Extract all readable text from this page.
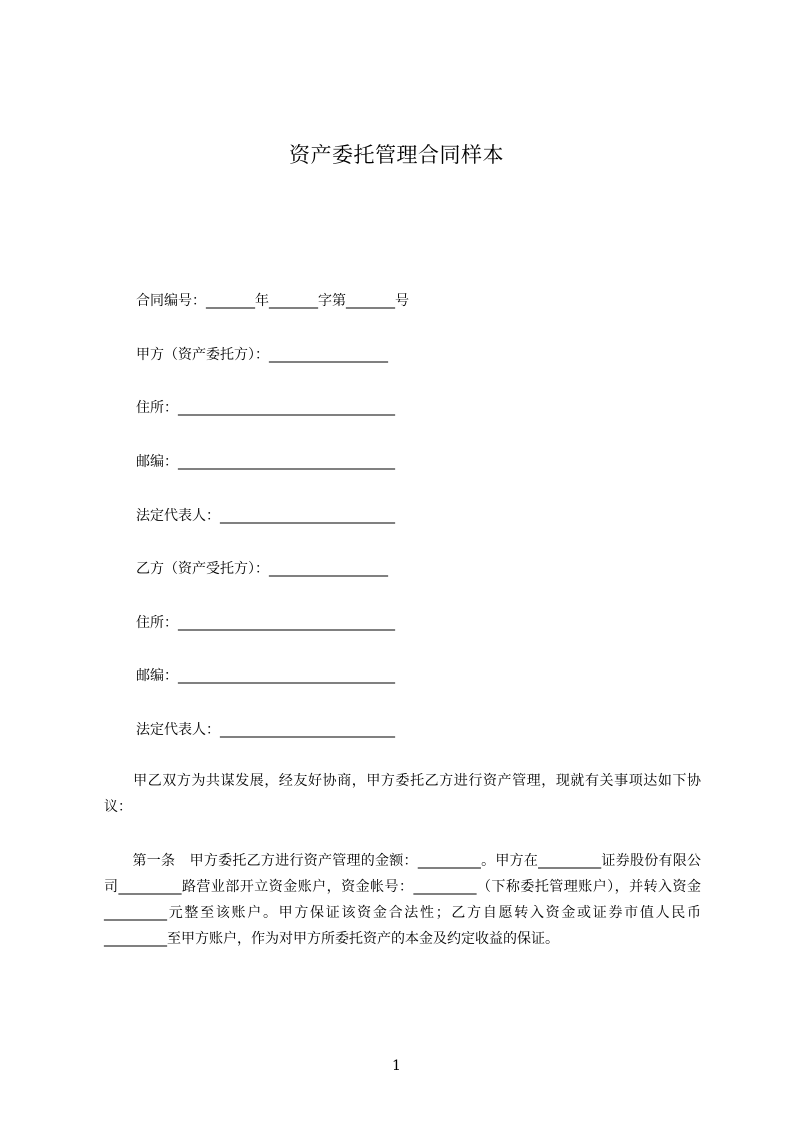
资产委托管理合同样本
合同编号：_______年_______字第_______号
甲方（资产委托方）：_________________
住所：_______________________________
邮编：_______________________________
法定代表人：_________________________
乙方（资产受托方）：_________________
住所：_______________________________
邮编：_______________________________
法定代表人：_________________________

　　甲乙双方为共谋发展，经友好协商，甲方委托乙方进行资产管理，现就有关事项达如下协议：

　　第一条　甲方委托乙方进行资产管理的金额：_________。甲方在_________证券股份有限公司_________路营业部开立资金账户，资金帐号：_________（下称委托管理账户），并转入资金_________元整至该账户。甲方保证该资金合法性；乙方自愿转入资金或证券市值人民币_________至甲方账户，作为对甲方所委托资产的本金及约定收益的保证。

1
